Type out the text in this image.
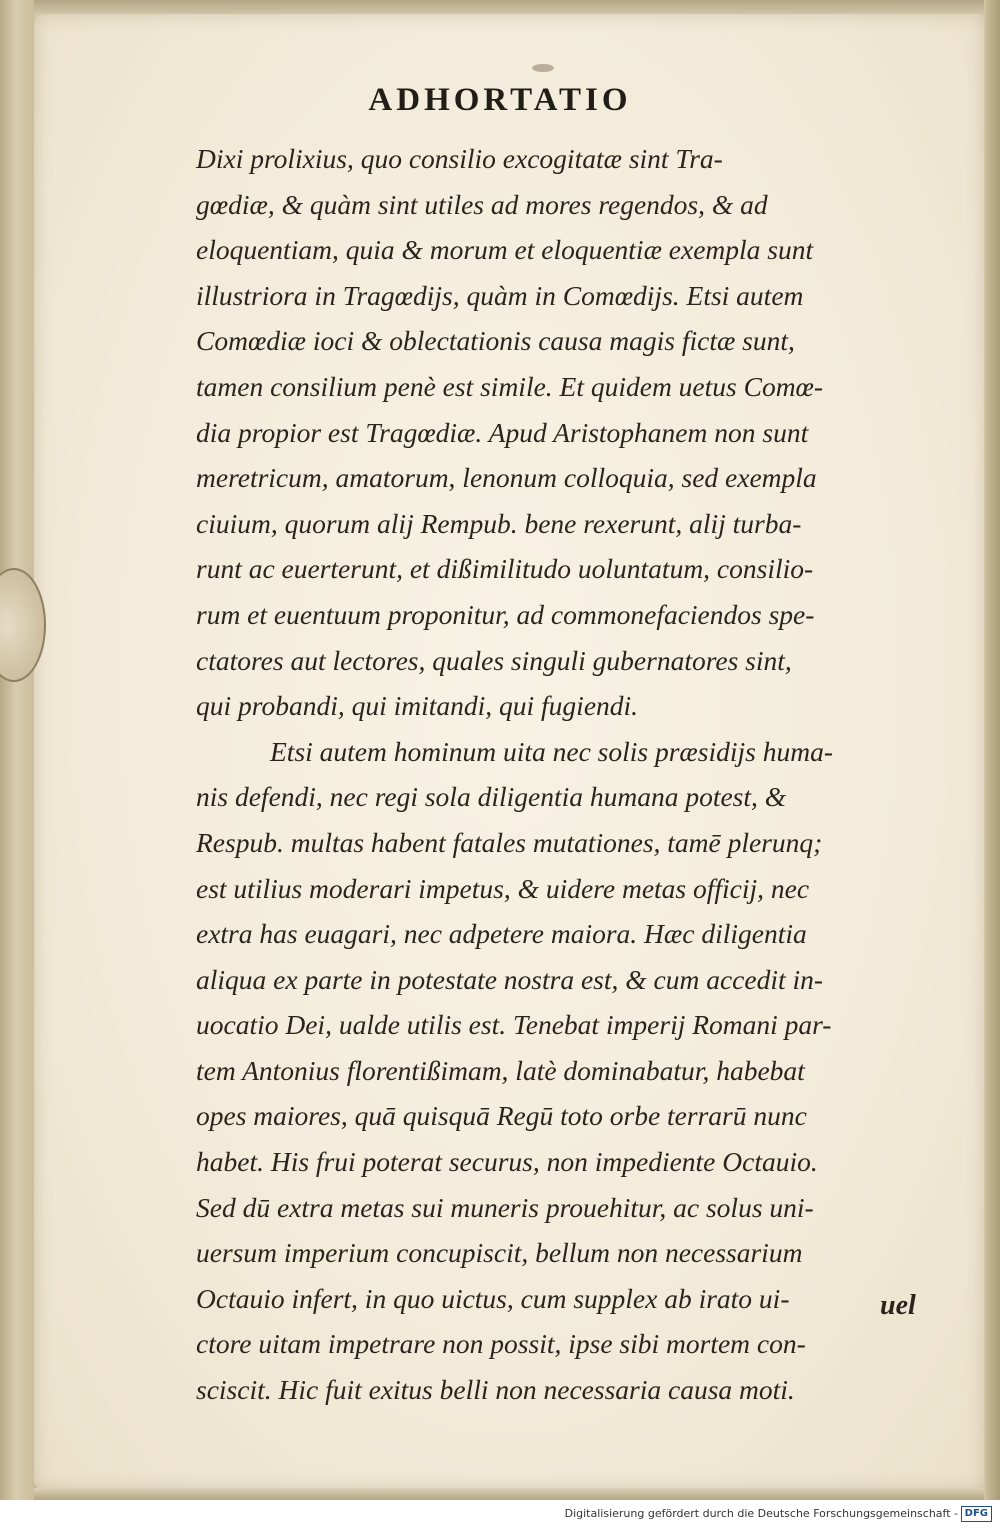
ADHORTATIO
Dixi prolixius, quo consilio excogitatæ sint Tra-
gœdiæ, & quàm sint utiles ad mores regendos, & ad
eloquentiam, quia & morum et eloquentiæ exempla sunt
illustriora in Tragœdijs, quàm in Comœdijs. Etsi autem
Comœdiæ ioci & oblectationis causa magis fictæ sunt,
tamen consilium penè est simile. Et quidem uetus Comœ-
dia propior est Tragœdiæ. Apud Aristophanem non sunt
meretricum, amatorum, lenonum colloquia, sed exempla
ciuium, quorum alij Rempub. bene rexerunt, alij turba-
runt ac euerterunt, et dißimilitudo uoluntatum, consilio-
rum et euentuum proponitur, ad commonefaciendos spe-
ctatores aut lectores, quales singuli gubernatores sint,
qui probandi, qui imitandi, qui fugiendi.
Etsi autem hominum uita nec solis præsidijs huma-
nis defendi, nec regi sola diligentia humana potest, &
Respub. multas habent fatales mutationes, tamē plerunq;
est utilius moderari impetus, & uidere metas officij, nec
extra has euagari, nec adpetere maiora. Hæc diligentia
aliqua ex parte in potestate nostra est, & cum accedit in-
uocatio Dei, ualde utilis est. Tenebat imperij Romani par-
tem Antonius florentißimam, latè dominabatur, habebat
opes maiores, quā quisquā Regū toto orbe terrarū nunc
habet. His frui poterat securus, non impediente Octauio.
Sed dū extra metas sui muneris prouehitur, ac solus uni-
uersum imperium concupiscit, bellum non necessarium
Octauio infert, in quo uictus, cum supplex ab irato ui-
ctore uitam impetrare non possit, ipse sibi mortem con-
sciscit. Hic fuit exitus belli non necessaria causa moti.
uel
Digitalisierung gefördert durch die Deutsche Forschungsgemeinschaft - DFG
